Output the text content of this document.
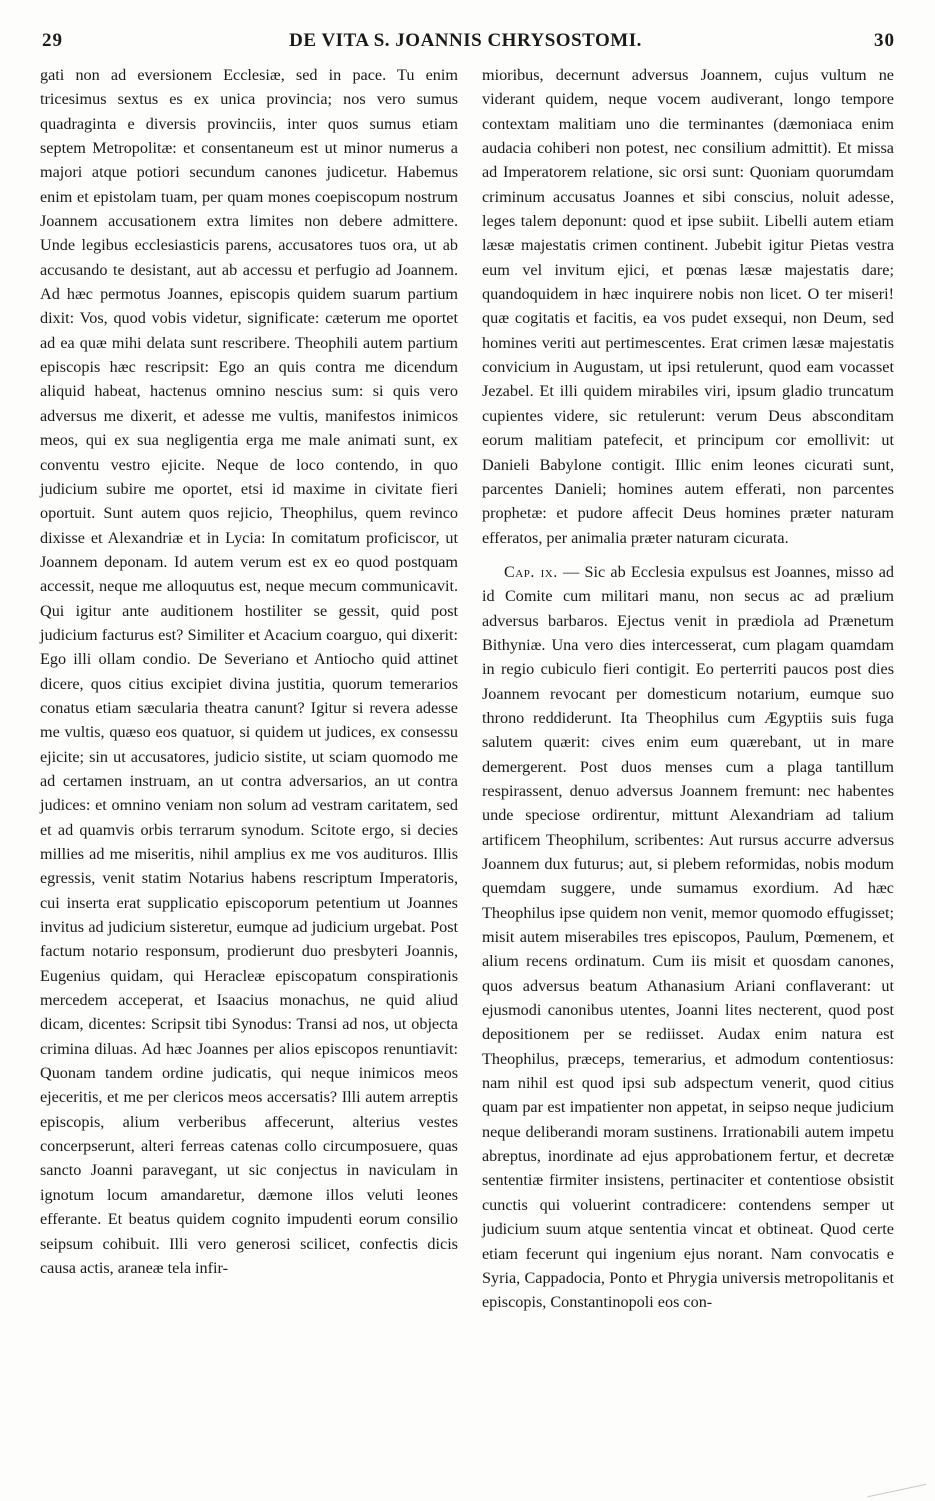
29	DE VITA S. JOANNIS CHRYSOSTOMI.	30

gati non ad eversionem Ecclesiæ, sed in pace. Tu enim tricesimus sextus es ex unica provincia; nos vero sumus quadraginta e diversis provinciis, inter quos sumus etiam septem Metropolitæ: et consentaneum est ut minor numerus a majori atque potiori secundum canones judicetur. Habemus enim et epistolam tuam, per quam mones coepiscopum nostrum Joannem accusationem extra limites non debere admittere. Unde legibus ecclesiasticis parens, accusatores tuos ora, ut ab accusando te desistant, aut ab accessu et perfugio ad Joannem. Ad hæc permotus Joannes, episcopis quidem suarum partium dixit: Vos, quod vobis videtur, significate: cæterum me oportet ad ea quæ mihi delata sunt rescribere. Theophili autem partium episcopis hæc rescripsit: Ego an quis contra me dicendum aliquid habeat, hactenus omnino nescius sum: si quis vero adversus me dixerit, et adesse me vultis, manifestos inimicos meos, qui ex sua negligentia erga me male animati sunt, ex conventu vestro ejicite. Neque de loco contendo, in quo judicium subire me oportet, etsi id maxime in civitate fieri oportuit. Sunt autem quos rejicio, Theophilus, quem revinco dixisse et Alexandriæ et in Lycia: In comitatum proficiscor, ut Joannem deponam. Id autem verum est ex eo quod postquam accessit, neque me alloquutus est, neque mecum communicavit. Qui igitur ante auditionem hostiliter se gessit, quid post judicium facturus est? Similiter et Acacium coarguo, qui dixerit: Ego illi ollam condio. De Severiano et Antiocho quid attinet dicere, quos citius excipiet divina justitia, quorum temerarios conatus etiam sæcularia theatra canunt? Igitur si revera adesse me vultis, quæso eos quatuor, si quidem ut judices, ex consessu ejicite; sin ut accusatores, judicio sistite, ut sciam quomodo me ad certamen instruam, an ut contra adversarios, an ut contra judices: et omnino veniam non solum ad vestram caritatem, sed et ad quamvis orbis terrarum synodum. Scitote ergo, si decies millies ad me miseritis, nihil amplius ex me vos audituros. Illis egressis, venit statim Notarius habens rescriptum Imperatoris, cui inserta erat supplicatio episcoporum petentium ut Joannes invitus ad judicium sisteretur, eumque ad judicium urgebat. Post factum notario responsum, prodierunt duo presbyteri Joannis, Eugenius quidam, qui Heracleæ episcopatum conspirationis mercedem acceperat, et Isaacius monachus, ne quid aliud dicam, dicentes: Scripsit tibi Synodus: Transi ad nos, ut objecta crimina diluas. Ad hæc Joannes per alios episcopos renuntiavit: Quonam tandem ordine judicatis, qui neque inimicos meos ejeceritis, et me per clericos meos accersatis? Illi autem arreptis episcopis, alium verberibus affecerunt, alterius vestes concerpserunt, alteri ferreas catenas collo circumposuere, quas sancto Joanni paravegant, ut sic conjectus in naviculam in ignotum locum amandaretur, dæmone illos veluti leones efferante. Et beatus quidem cognito impudenti eorum consilio seipsum cohibuit. Illi vero generosi scilicet, confectis dicis causa actis, araneæ tela infir-

mioribus, decernunt adversus Joannem, cujus vultum ne viderant quidem, neque vocem audiverant, longo tempore contextam malitiam uno die terminantes (dæmoniaca enim audacia cohiberi non potest, nec consilium admittit). Et missa ad Imperatorem relatione, sic orsi sunt: Quoniam quorumdam criminum accusatus Joannes et sibi conscius, noluit adesse, leges talem deponunt: quod et ipse subiit. Libelli autem etiam læsæ majestatis crimen continent. Jubebit igitur Pietas vestra eum vel invitum ejici, et pœnas læsæ majestatis dare; quandoquidem in hæc inquirere nobis non licet. O ter miseri! quæ cogitatis et facitis, ea vos pudet exsequi, non Deum, sed homines veriti aut pertimescentes. Erat crimen læsæ majestatis convicium in Augustam, ut ipsi retulerunt, quod eam vocasset Jezabel. Et illi quidem mirabiles viri, ipsum gladio truncatum cupientes videre, sic retulerunt: verum Deus absconditam eorum malitiam patefecit, et principum cor emollivit: ut Danieli Babylone contigit. Illic enim leones cicurati sunt, parcentes Danieli; homines autem efferati, non parcentes prophetæ: et pudore affecit Deus homines præter naturam efferatos, per animalia præter naturam cicurata.

Cap. ix. — Sic ab Ecclesia expulsus est Joannes, misso ad id Comite cum militari manu, non secus ac ad prælium adversus barbaros. Ejectus venit in prædiola ad Prænetum Bithyniæ. Una vero dies intercesserat, cum plagam quamdam in regio cubiculo fieri contigit. Eo perterriti paucos post dies Joannem revocant per domesticum notarium, eumque suo throno reddiderunt. Ita Theophilus cum Ægyptiis suis fuga salutem quærit: cives enim eum quærebant, ut in mare demergerent. Post duos menses cum a plaga tantillum respirassent, denuo adversus Joannem fremunt: nec habentes unde speciose ordirentur, mittunt Alexandriam ad talium artificem Theophilum, scribentes: Aut rursus accurre adversus Joannem dux futurus; aut, si plebem reformidas, nobis modum quemdam suggere, unde sumamus exordium. Ad hæc Theophilus ipse quidem non venit, memor quomodo effugisset; misit autem miserabiles tres episcopos, Paulum, Pœmenem, et alium recens ordinatum. Cum iis misit et quosdam canones, quos adversus beatum Athanasium Ariani conflaverant: ut ejusmodi canonibus utentes, Joanni lites necterent, quod post depositionem per se rediisset. Audax enim natura est Theophilus, præceps, temerarius, et admodum contentiosus: nam nihil est quod ipsi sub adspectum venerit, quod citius quam par est impatienter non appetat, in seipso neque judicium neque deliberandi moram sustinens. Irrationabili autem impetu abreptus, inordinate ad ejus approbationem fertur, et decretæ sententiæ firmiter insistens, pertinaciter et contentiose obsistit cunctis qui voluerint contradicere: contendens semper ut judicium suum atque sententia vincat et obtineat. Quod certe etiam fecerunt qui ingenium ejus norant. Nam convocatis e Syria, Cappadocia, Ponto et Phrygia universis metropolitanis et episcopis, Constantinopoli eos con-
